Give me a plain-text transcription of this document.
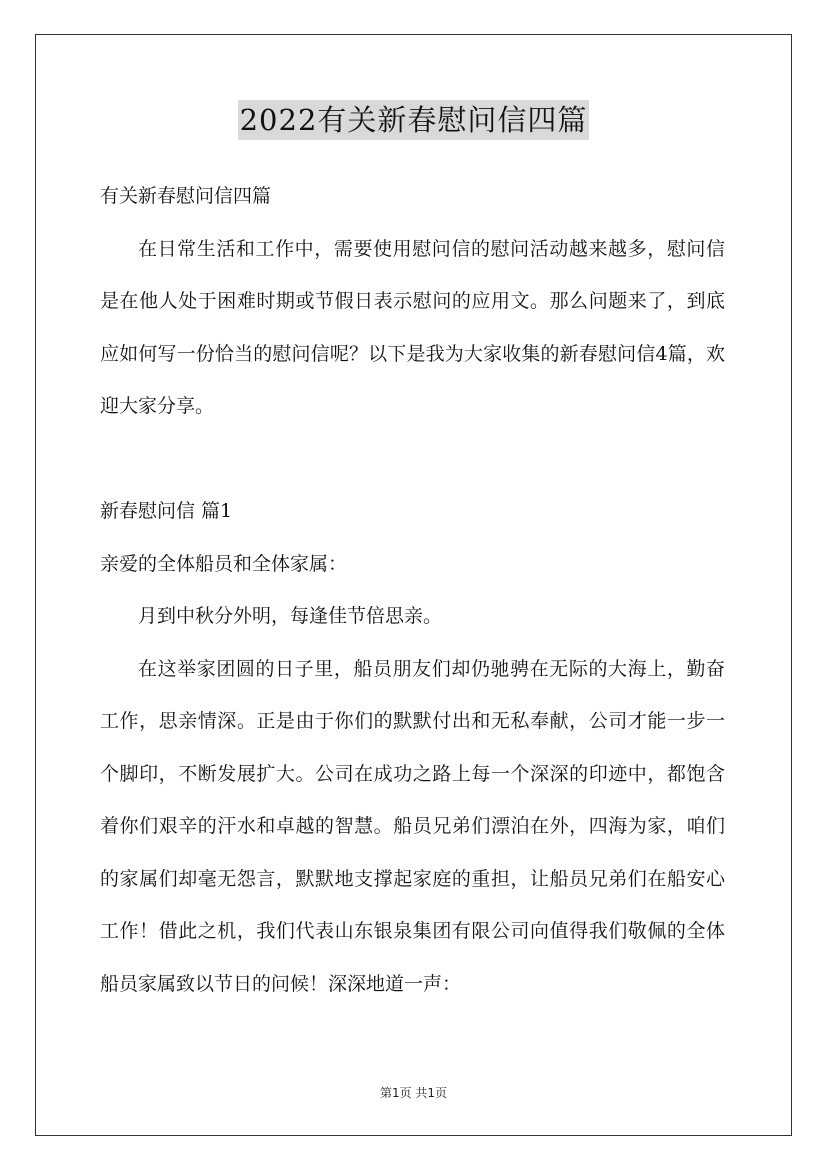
2022有关新春慰问信四篇

有关新春慰问信四篇

在日常生活和工作中，需要使用慰问信的慰问活动越来越多，慰问信是在他人处于困难时期或节假日表示慰问的应用文。那么问题来了，到底应如何写一份恰当的慰问信呢？以下是我为大家收集的新春慰问信4篇，欢迎大家分享。

新春慰问信 篇1

亲爱的全体船员和全体家属：

月到中秋分外明，每逢佳节倍思亲。

在这举家团圆的日子里，船员朋友们却仍驰骋在无际的大海上，勤奋工作，思亲情深。正是由于你们的默默付出和无私奉献，公司才能一步一个脚印，不断发展扩大。公司在成功之路上每一个深深的印迹中，都饱含着你们艰辛的汗水和卓越的智慧。船员兄弟们漂泊在外，四海为家，咱们的家属们却毫无怨言，默默地支撑起家庭的重担，让船员兄弟们在船安心工作！借此之机，我们代表山东银泉集团有限公司向值得我们敬佩的全体船员家属致以节日的问候！深深地道一声：

第1页 共1页
